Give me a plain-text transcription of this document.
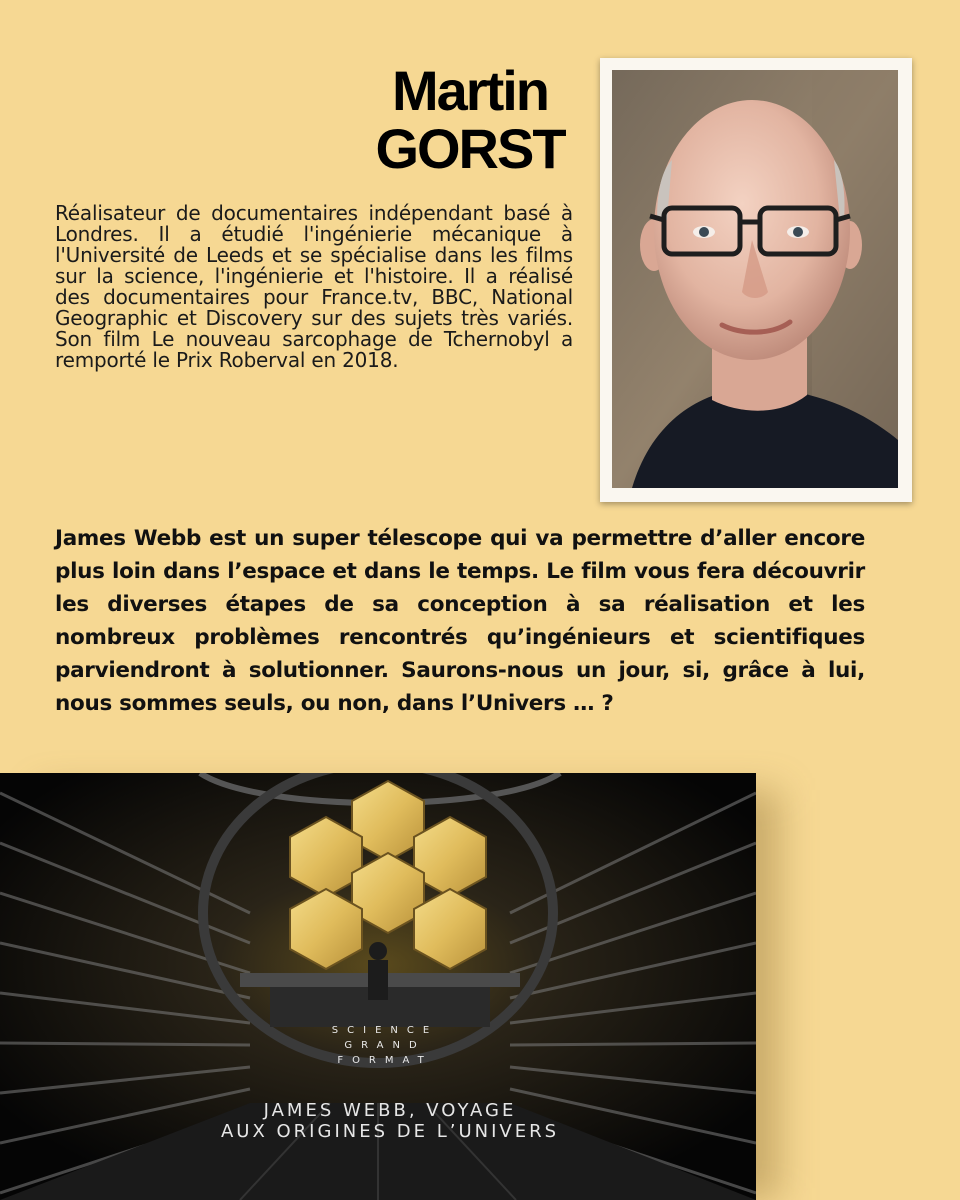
Martin
GORST
Réalisateur de documentaires indépendant basé à Londres. Il a étudié l'ingénierie mécanique à l'Université de Leeds et se spécialise dans les films sur la science, l'ingénierie et l'histoire. Il a réalisé des documentaires pour France.tv, BBC, National Geographic et Discovery sur des sujets très variés. Son film Le nouveau sarcophage de Tchernobyl a remporté le Prix Roberval en 2018.
James Webb est un super télescope qui va permettre d’aller encore plus loin dans l’espace et dans le temps. Le film vous fera découvrir les diverses étapes de sa conception à sa réalisation et les nombreux problèmes rencontrés qu’ingénieurs et scientifiques parviendront à solutionner. Saurons-nous un jour, si, grâce à lui, nous sommes seuls, ou non, dans l’Univers … ?
SCIENCE
GRAND
FORMAT
JAMES WEBB, VOYAGE
AUX ORIGINES DE L’UNIVERS
